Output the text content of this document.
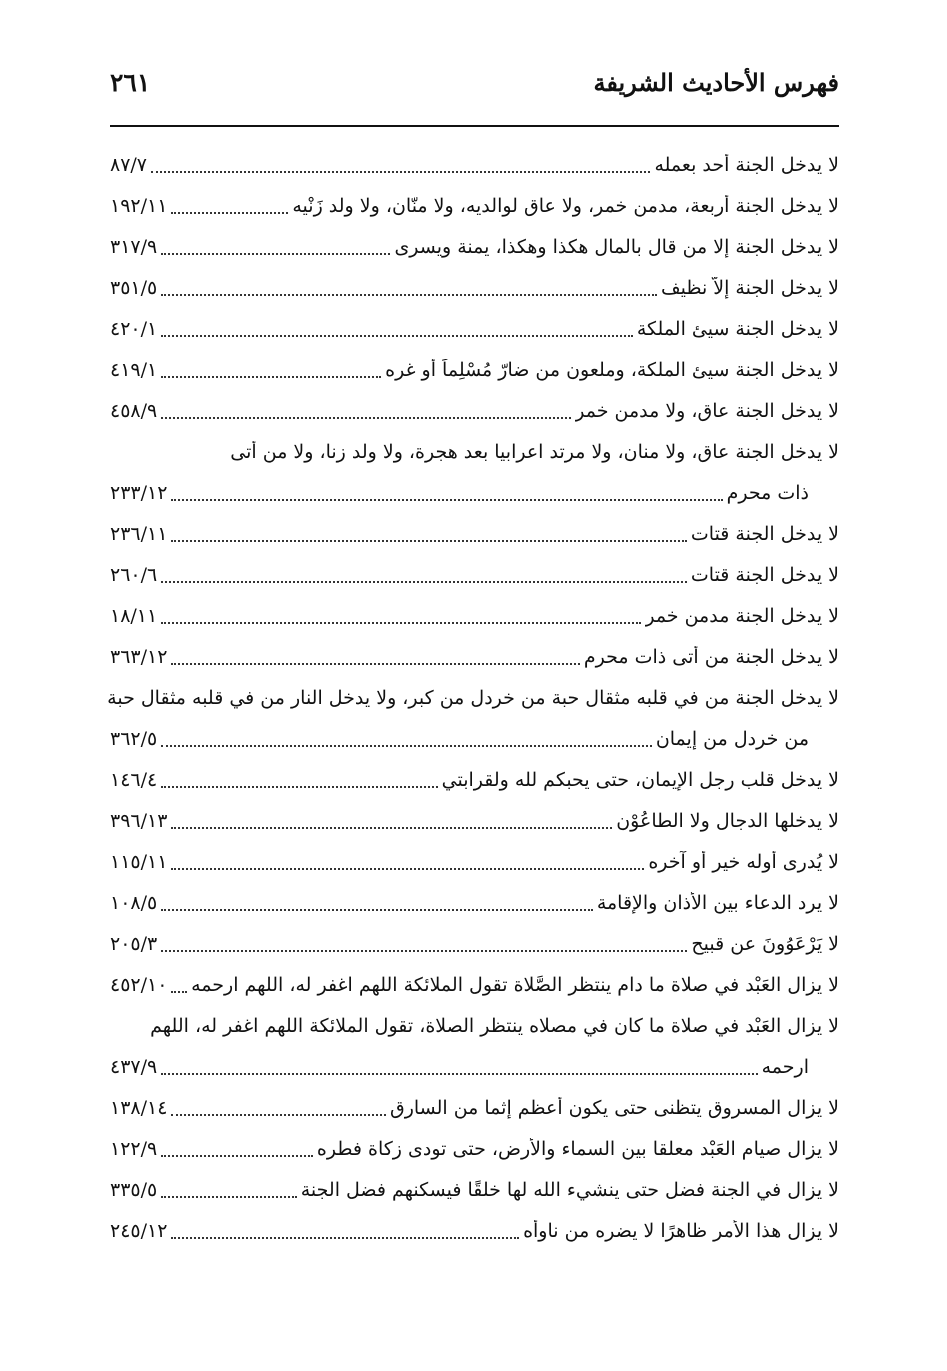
فهرس الأحاديث الشريفة
٢٦١
لا يدخل الجنة أحد بعمله
٨٧/٧
لا يدخل الجنة أربعة، مدمن خمر، ولا عاق لوالديه، ولا منّان، ولا ولد زَنْيه
١٩٢/١١
لا يدخل الجنة إلا من قال بالمال هكذا وهكذا، يمنة ويسرى
٣١٧/٩
لا يدخل الجنة إلاّ نظيف
٣٥١/٥
لا يدخل الجنة سيئ الملكة
٤٢٠/١
لا يدخل الجنة سيئ الملكة، وملعون من ضارّ مُسْلِماً أو غره
٤١٩/١
لا يدخل الجنة عاق، ولا مدمن خمر
٤٥٨/٩
لا يدخل الجنة عاق، ولا منان، ولا مرتد اعرابيا بعد هجرة، ولا ولد زنا، ولا من أتى
ذات محرم
٢٣٣/١٢
لا يدخل الجنة قتات
٢٣٦/١١
لا يدخل الجنة قتات
٢٦٠/٦
لا يدخل الجنة مدمن خمر
١٨/١١
لا يدخل الجنة من أتى ذات محرم
٣٦٣/١٢
لا يدخل الجنة من في قلبه مثقال حبة من خردل من كبر، ولا يدخل النار من في قلبه مثقال حبة
من خردل من إيمان
٣٦٢/٥
لا يدخل قلب رجل الإيمان، حتى يحبكم لله ولقرابتي
١٤٦/٤
لا يدخلها الدجال ولا الطاعُوْن
٣٩٦/١٣
لا يُدرى أوله خير أو آخره
١١٥/١١
لا يرد الدعاء بين الأذان والإقامة
١٠٨/٥
لا يَرْعَوُونَ عن قبيح
٢٠٥/٣
لا يزال العَبْد في صلاة ما دام ينتظر الصَّلاة تقول الملائكة اللهم اغفر له، اللهم ارحمه
٤٥٢/١٠
لا يزال العَبْد في صلاة ما كان في مصلاه ينتظر الصلاة، تقول الملائكة اللهم اغفر له، اللهم
ارحمه
٤٣٧/٩
لا يزال المسروق يتظنى حتى يكون أعظم إثما من السارق
١٣٨/١٤
لا يزال صيام العَبْد معلقا بين السماء والأرض، حتى تودى زكاة فطره
١٢٢/٩
لا يزال في الجنة فضل حتى ينشيء الله لها خلقًا فيسكنهم فضل الجنة
٣٣٥/٥
لا يزال هذا الأمر ظاهرًا لا يضره من ناوأه
٢٤٥/١٢
